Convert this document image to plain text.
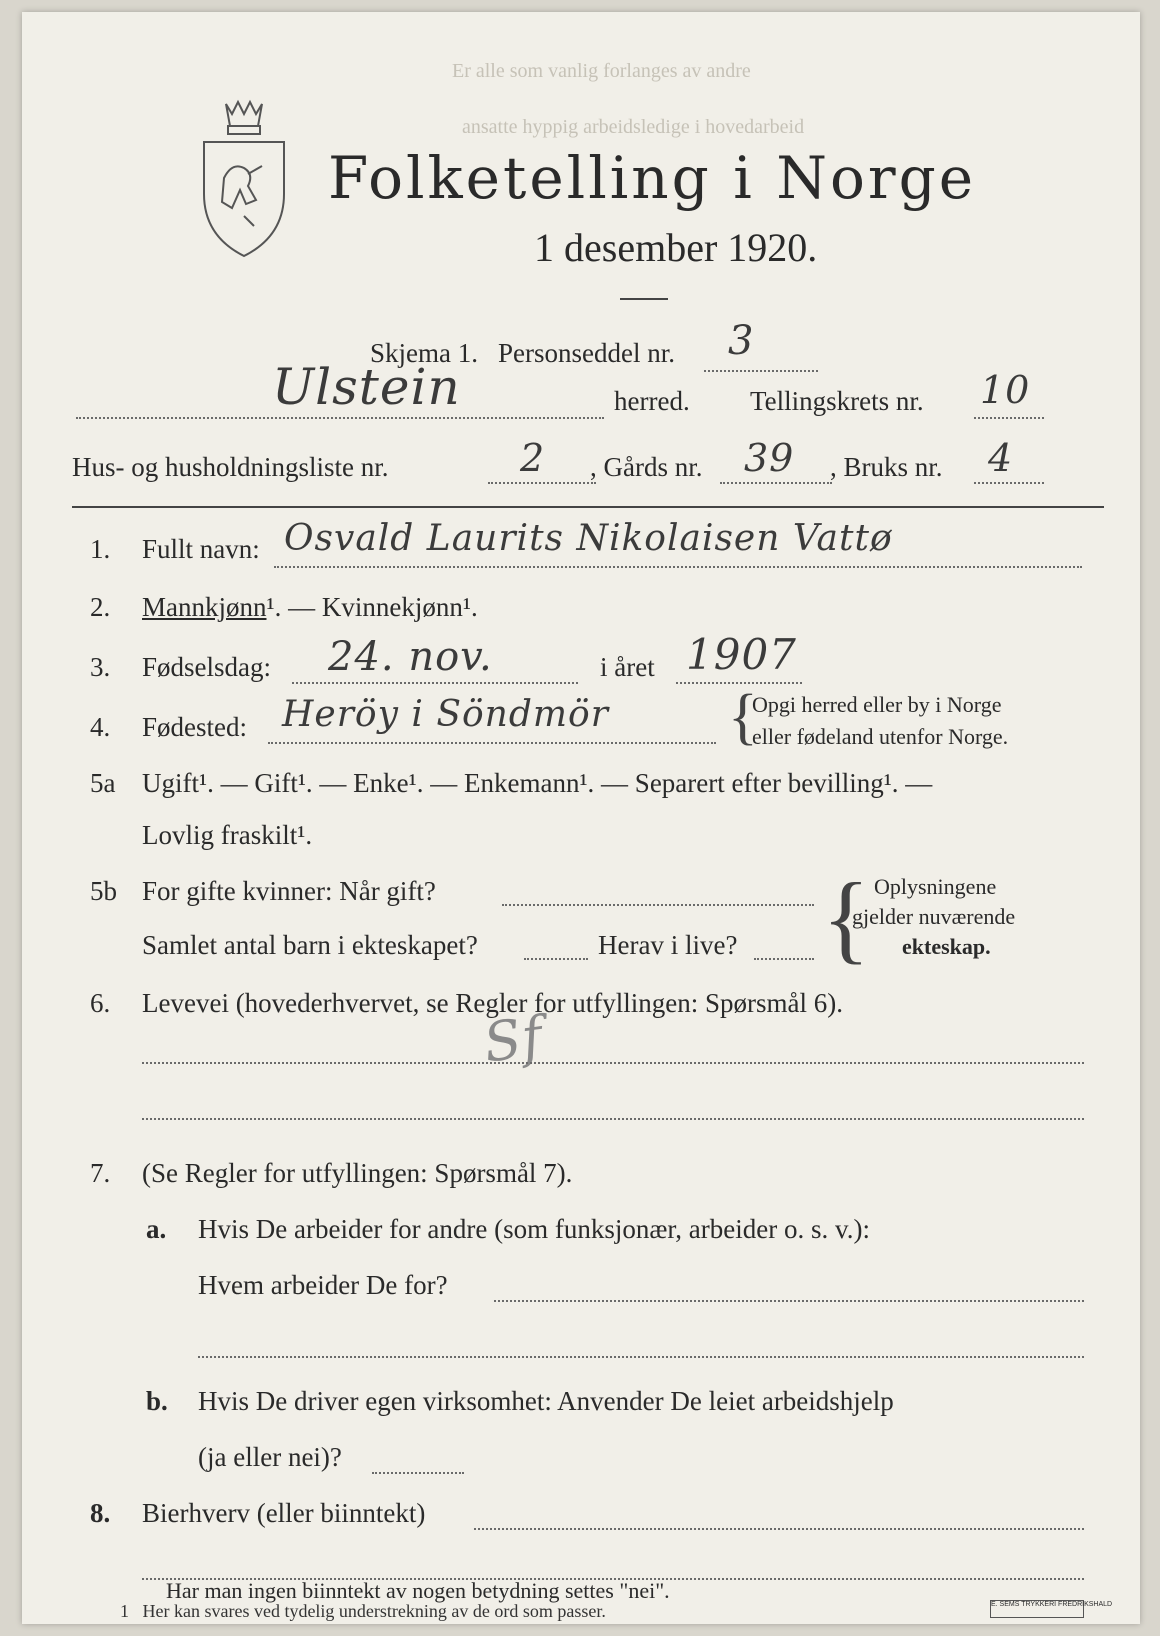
Er alle som vanlig forlanges av andre
ansatte hyppig arbeidsledige i hovedarbeid
Folketelling i Norge
1 desember 1920.
Skjema 1. Personseddel nr. 3
Ulstein	herred. Tellingskrets nr. 10
Hus- og husholdningsliste nr.	2 , Gårds nr. 39 , Bruks nr. 4
1. Fullt navn: Osvald Laurits Nikolaisen Vattø
2. Mannkjønn¹. — Kvinnekjønn¹.
3. Fødselsdag: 24. nov.	i året 1907
4. Fødested: Heröy i Söndmör {
Opgi herred eller by i Norge
eller fødeland utenfor Norge.
5a Ugift¹. — Gift¹. — Enke¹. — Enkemann¹. — Separert efter bevilling¹. —
Lovlig fraskilt¹.
5b For gifte kvinner: Når gift?
Samlet antal barn i ekteskapet?	Herav i live? { Oplysningene
gjelder nuværende
ekteskap.
6. Levevei (hovederhvervet, se Regler for utfyllingen: Spørsmål 6).
Sf
7. (Se Regler for utfyllingen: Spørsmål 7).
a. Hvis De arbeider for andre (som funksjonær, arbeider o. s. v.):
Hvem arbeider De for?
b. Hvis De driver egen virksomhet: Anvender De leiet arbeidshjelp
(ja eller nei)?
8. Bierhverv (eller biinntekt)
Har man ingen biinntekt av nogen betydning settes "nei".
1 Her kan svares ved tydelig understrekning av de ord som passer.	E. SEMS TRYKKERI FREDRIKSHALD
